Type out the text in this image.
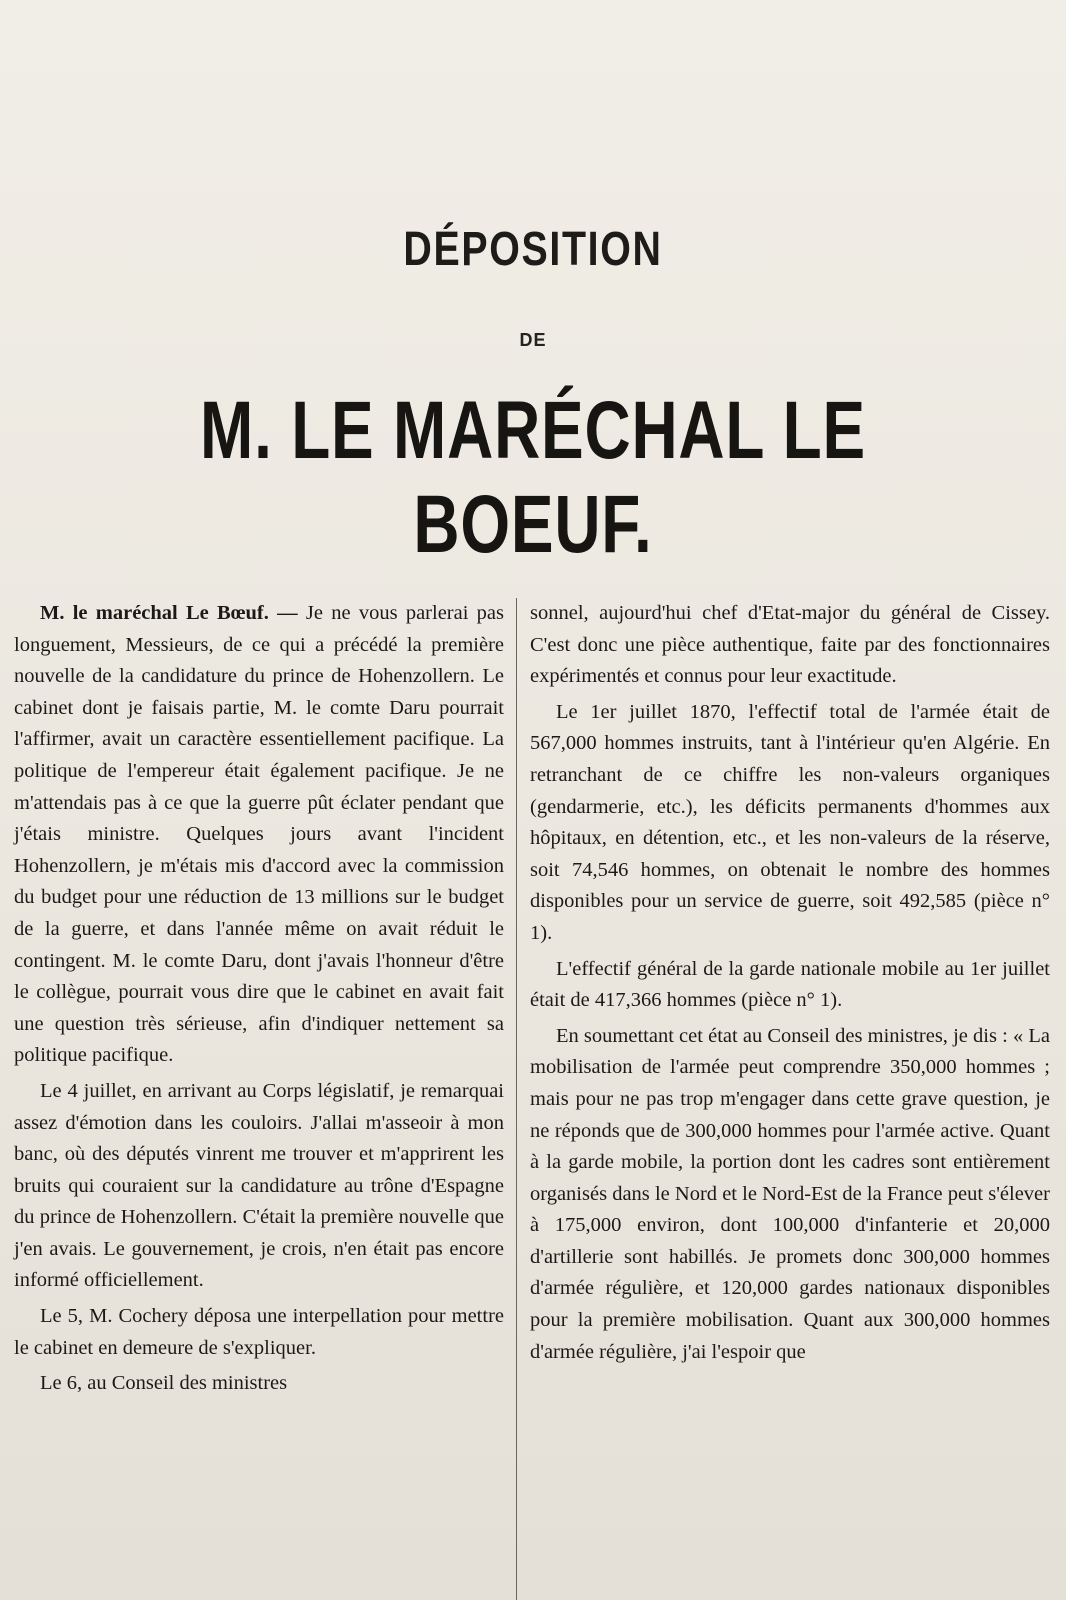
DÉPOSITION
DE
M. LE MARÉCHAL LE BOEUF.

M. le maréchal Le Bœuf. — Je ne vous parlerai pas longuement, Messieurs, de ce qui a précédé la première nouvelle de la candidature du prince de Hohenzollern. Le cabinet dont je faisais partie, M. le comte Daru pourrait l'affirmer, avait un caractère essentiellement pacifique. La politique de l'empereur était également pacifique. Je ne m'attendais pas à ce que la guerre pût éclater pendant que j'étais ministre. Quelques jours avant l'incident Hohenzollern, je m'étais mis d'accord avec la commission du budget pour une réduction de 13 millions sur le budget de la guerre, et dans l'année même on avait réduit le contingent. M. le comte Daru, dont j'avais l'honneur d'être le collègue, pourrait vous dire que le cabinet en avait fait une question très sérieuse, afin d'indiquer nettement sa politique pacifique.

Le 4 juillet, en arrivant au Corps législatif, je remarquai assez d'émotion dans les couloirs. J'allai m'asseoir à mon banc, où des députés vinrent me trouver et m'apprirent les bruits qui couraient sur la candidature au trône d'Espagne du prince de Hohenzollern. C'était la première nouvelle que j'en avais. Le gouvernement, je crois, n'en était pas encore informé officiellement.

Le 5, M. Cochery déposa une interpellation pour mettre le cabinet en demeure de s'expliquer.

Le 6, au Conseil des ministres

sonnel, aujourd'hui chef d'Etat-major du général de Cissey. C'est donc une pièce authentique, faite par des fonctionnaires expérimentés et connus pour leur exactitude.

Le 1er juillet 1870, l'effectif total de l'armée était de 567,000 hommes instruits, tant à l'intérieur qu'en Algérie. En retranchant de ce chiffre les non-valeurs organiques (gendarmerie, etc.), les déficits permanents d'hommes aux hôpitaux, en détention, etc., et les non-valeurs de la réserve, soit 74,546 hommes, on obtenait le nombre des hommes disponibles pour un service de guerre, soit 492,585 (pièce n° 1).

L'effectif général de la garde nationale mobile au 1er juillet était de 417,366 hommes (pièce n° 1).

En soumettant cet état au Conseil des ministres, je dis : « La mobilisation de l'armée peut comprendre 350,000 hommes ; mais pour ne pas trop m'engager dans cette grave question, je ne réponds que de 300,000 hommes pour l'armée active. Quant à la garde mobile, la portion dont les cadres sont entièrement organisés dans le Nord et le Nord-Est de la France peut s'élever à 175,000 environ, dont 100,000 d'infanterie et 20,000 d'artillerie sont habillés. Je promets donc 300,000 hommes d'armée régulière, et 120,000 gardes nationaux disponibles pour la première mobilisation. Quant aux 300,000 hommes d'armée régulière, j'ai l'espoir que
